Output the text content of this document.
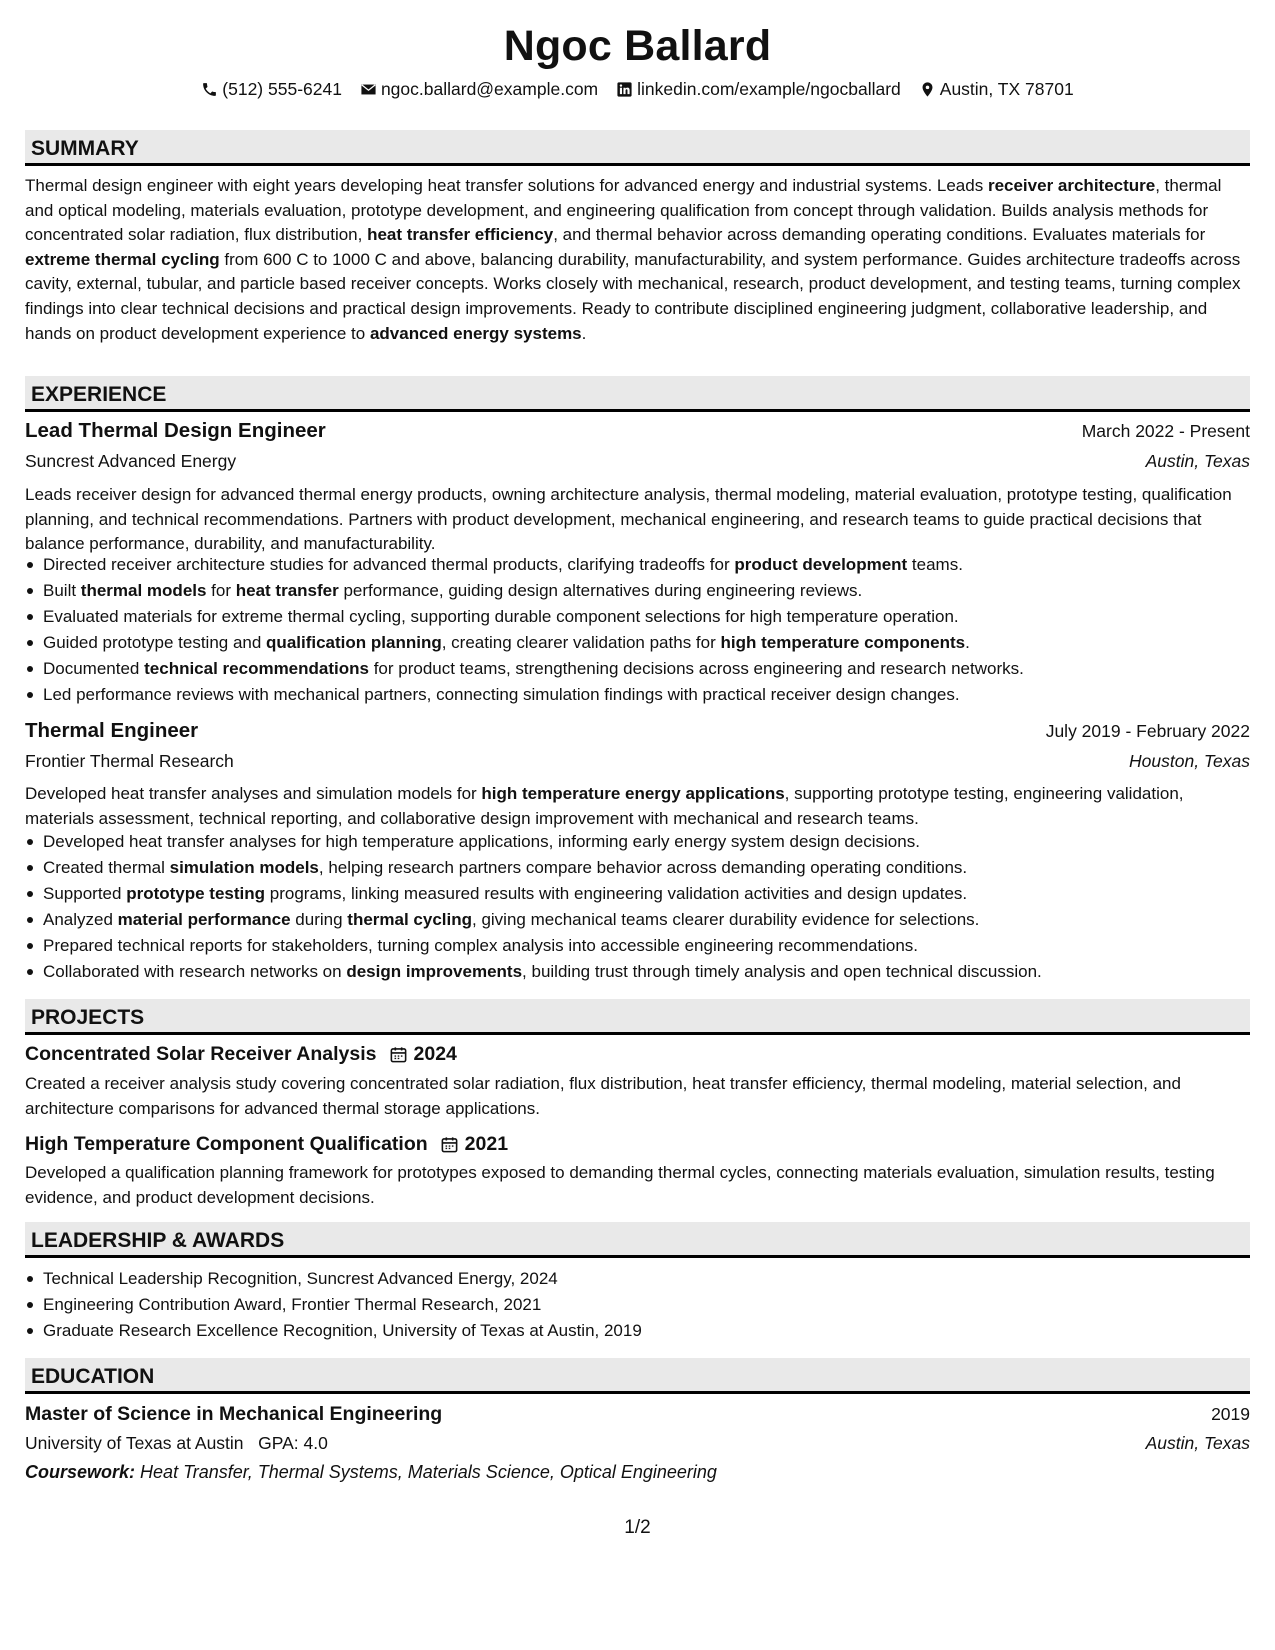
Ngoc Ballard
(512) 555-6241 ngoc.ballard@example.com linkedin.com/example/ngocballard Austin, TX 78701
SUMMARY
Thermal design engineer with eight years developing heat transfer solutions for advanced energy and industrial systems. Leads receiver architecture, thermal and optical modeling, materials evaluation, prototype development, and engineering qualification from concept through validation. Builds analysis methods for concentrated solar radiation, flux distribution, heat transfer efficiency, and thermal behavior across demanding operating conditions. Evaluates materials for extreme thermal cycling from 600 C to 1000 C and above, balancing durability, manufacturability, and system performance. Guides architecture tradeoffs across cavity, external, tubular, and particle based receiver concepts. Works closely with mechanical, research, product development, and testing teams, turning complex findings into clear technical decisions and practical design improvements. Ready to contribute disciplined engineering judgment, collaborative leadership, and hands on product development experience to advanced energy systems.
EXPERIENCE
Lead Thermal Design Engineer	March 2022 - Present
Suncrest Advanced Energy	Austin, Texas
Leads receiver design for advanced thermal energy products, owning architecture analysis, thermal modeling, material evaluation, prototype testing, qualification planning, and technical recommendations. Partners with product development, mechanical engineering, and research teams to guide practical decisions that balance performance, durability, and manufacturability.
Directed receiver architecture studies for advanced thermal products, clarifying tradeoffs for product development teams.
Built thermal models for heat transfer performance, guiding design alternatives during engineering reviews.
Evaluated materials for extreme thermal cycling, supporting durable component selections for high temperature operation.
Guided prototype testing and qualification planning, creating clearer validation paths for high temperature components.
Documented technical recommendations for product teams, strengthening decisions across engineering and research networks.
Led performance reviews with mechanical partners, connecting simulation findings with practical receiver design changes.
Thermal Engineer	July 2019 - February 2022
Frontier Thermal Research	Houston, Texas
Developed heat transfer analyses and simulation models for high temperature energy applications, supporting prototype testing, engineering validation, materials assessment, technical reporting, and collaborative design improvement with mechanical and research teams.
Developed heat transfer analyses for high temperature applications, informing early energy system design decisions.
Created thermal simulation models, helping research partners compare behavior across demanding operating conditions.
Supported prototype testing programs, linking measured results with engineering validation activities and design updates.
Analyzed material performance during thermal cycling, giving mechanical teams clearer durability evidence for selections.
Prepared technical reports for stakeholders, turning complex analysis into accessible engineering recommendations.
Collaborated with research networks on design improvements, building trust through timely analysis and open technical discussion.
PROJECTS
Concentrated Solar Receiver Analysis 2024
Created a receiver analysis study covering concentrated solar radiation, flux distribution, heat transfer efficiency, thermal modeling, material selection, and architecture comparisons for advanced thermal storage applications.
High Temperature Component Qualification 2021
Developed a qualification planning framework for prototypes exposed to demanding thermal cycles, connecting materials evaluation, simulation results, testing evidence, and product development decisions.
LEADERSHIP & AWARDS
Technical Leadership Recognition, Suncrest Advanced Energy, 2024
Engineering Contribution Award, Frontier Thermal Research, 2021
Graduate Research Excellence Recognition, University of Texas at Austin, 2019
EDUCATION
Master of Science in Mechanical Engineering	2019
University of Texas at Austin GPA: 4.0	Austin, Texas
Coursework: Heat Transfer, Thermal Systems, Materials Science, Optical Engineering
1/2
